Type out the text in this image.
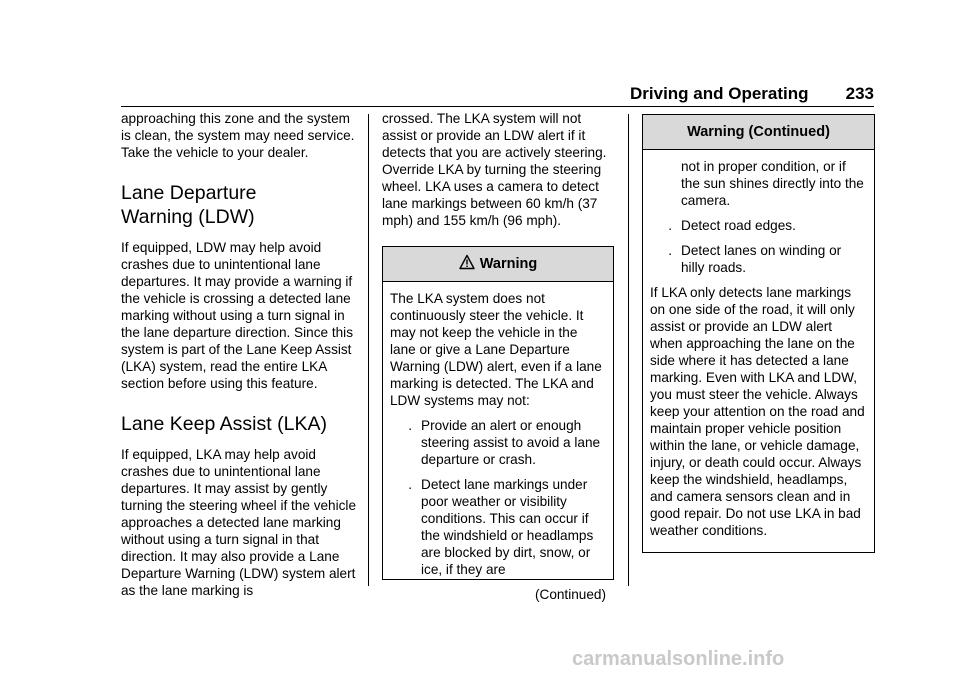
Driving and Operating 233

approaching this zone and the system is clean, the system may need service. Take the vehicle to your dealer.

Lane Departure
Warning (LDW)

If equipped, LDW may help avoid crashes due to unintentional lane departures. It may provide a warning if the vehicle is crossing a detected lane marking without using a turn signal in the lane departure direction. Since this system is part of the Lane Keep Assist (LKA) system, read the entire LKA section before using this feature.

Lane Keep Assist (LKA)

If equipped, LKA may help avoid crashes due to unintentional lane departures. It may assist by gently turning the steering wheel if the vehicle approaches a detected lane marking without using a turn signal in that direction. It may also provide a Lane Departure Warning (LDW) system alert as the lane marking is

crossed. The LKA system will not assist or provide an LDW alert if it detects that you are actively steering. Override LKA by turning the steering wheel. LKA uses a camera to detect lane markings between 60 km/h (37 mph) and 155 km/h (96 mph).

Warning

The LKA system does not continuously steer the vehicle. It may not keep the vehicle in the lane or give a Lane Departure Warning (LDW) alert, even if a lane marking is detected. The LKA and LDW systems may not:

. Provide an alert or enough steering assist to avoid a lane departure or crash.
. Detect lane markings under poor weather or visibility conditions. This can occur if the windshield or headlamps are blocked by dirt, snow, or ice, if they are

(Continued)

Warning (Continued)

not in proper condition, or if the sun shines directly into the camera.

. Detect road edges.
. Detect lanes on winding or hilly roads.

If LKA only detects lane markings on one side of the road, it will only assist or provide an LDW alert when approaching the lane on the side where it has detected a lane marking. Even with LKA and LDW, you must steer the vehicle. Always keep your attention on the road and maintain proper vehicle position within the lane, or vehicle damage, injury, or death could occur. Always keep the windshield, headlamps, and camera sensors clean and in good repair. Do not use LKA in bad weather conditions.

carmanualsonline.info
